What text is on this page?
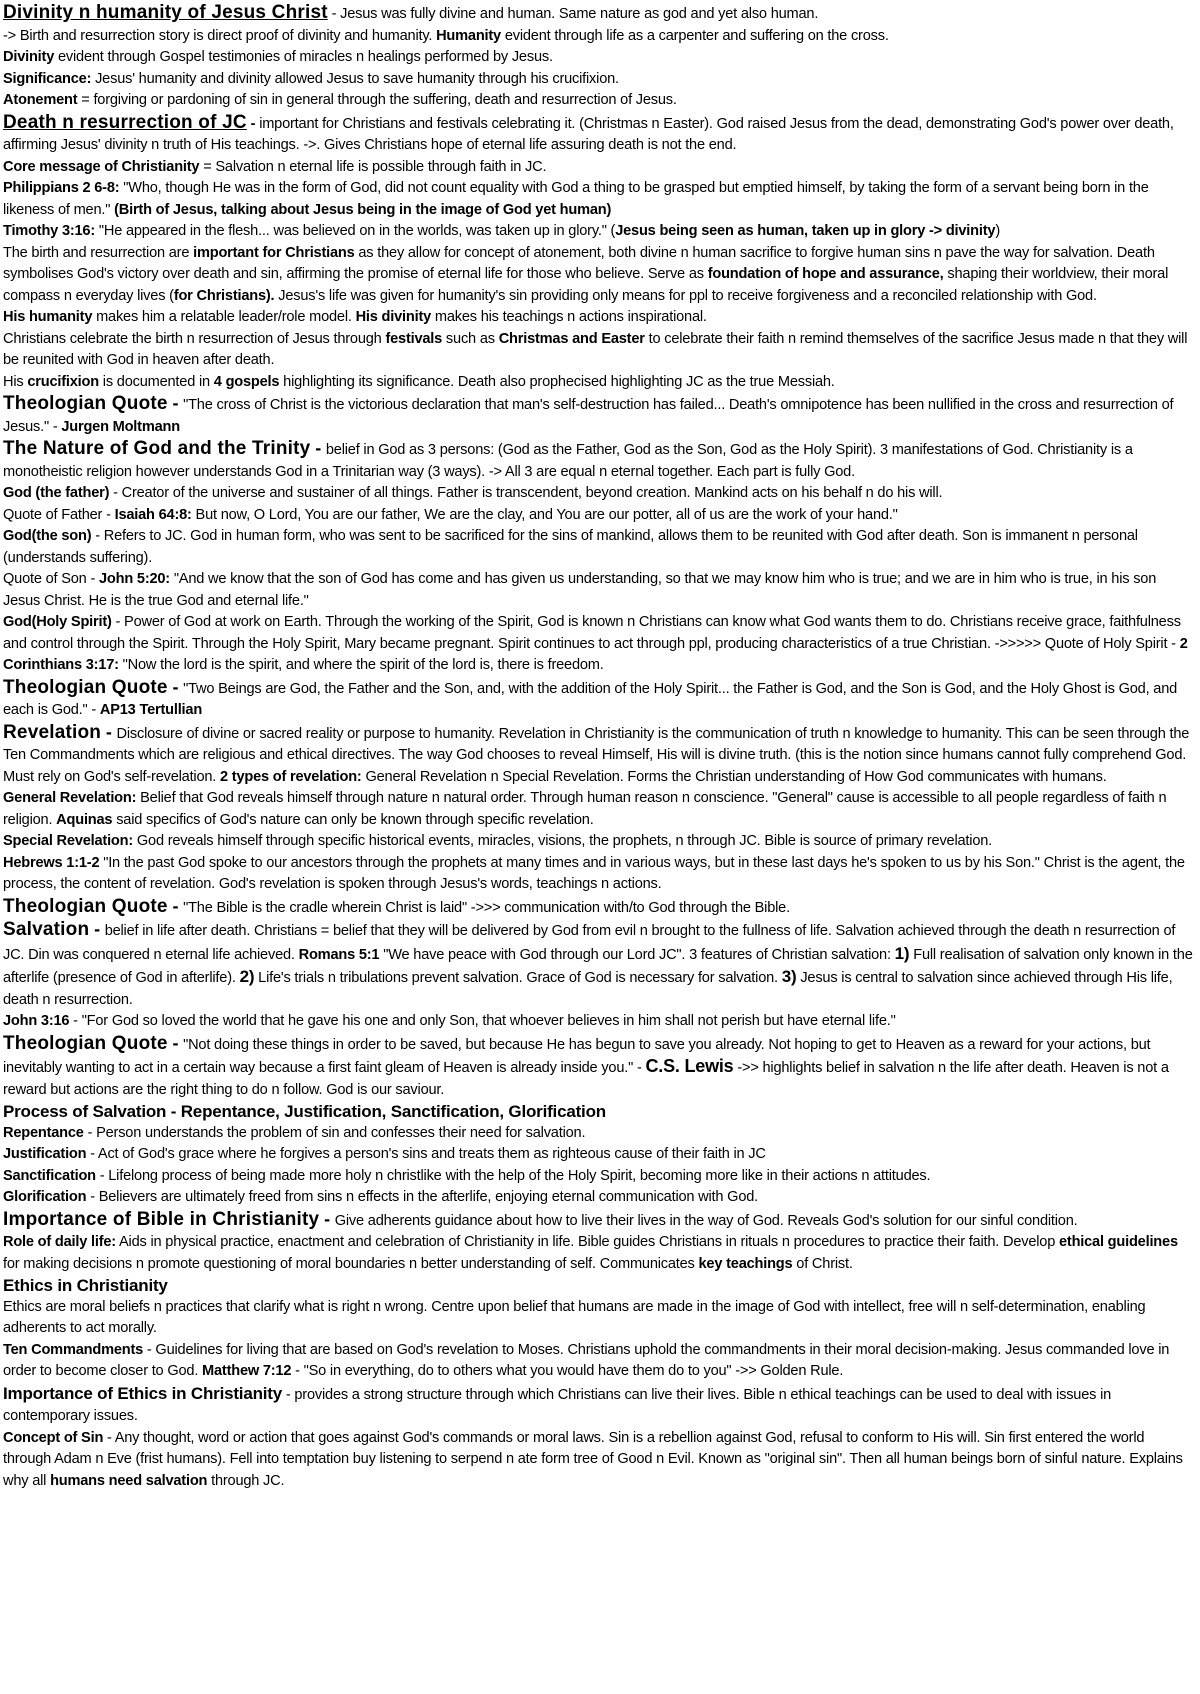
Divinity n humanity of Jesus Christ - Jesus was fully divine and human. Same nature as god and yet also human.

-> Birth and resurrection story is direct proof of divinity and humanity. Humanity evident through life as a carpenter and suffering on the cross.

Divinity evident through Gospel testimonies of miracles n healings performed by Jesus.

Significance: Jesus' humanity and divinity allowed Jesus to save humanity through his crucifixion.

Atonement = forgiving or pardoning of sin in general through the suffering, death and resurrection of Jesus.

Death n resurrection of JC - important for Christians and festivals celebrating it. (Christmas n Easter). God raised Jesus from the dead, demonstrating God's power over death, affirming Jesus' divinity n truth of His teachings. ->. Gives Christians hope of eternal life assuring death is not the end.

Core message of Christianity = Salvation n eternal life is possible through faith in JC.

Philippians 2 6-8: "Who, though He was in the form of God, did not count equality with God a thing to be grasped but emptied himself, by taking the form of a servant being born in the likeness of men." (Birth of Jesus, talking about Jesus being in the image of God yet human)

Timothy 3:16: "He appeared in the flesh... was believed on in the worlds, was taken up in glory." (Jesus being seen as human, taken up in glory -> divinity)

The birth and resurrection are important for Christians as they allow for concept of atonement, both divine n human sacrifice to forgive human sins n pave the way for salvation. Death symbolises God's victory over death and sin, affirming the promise of eternal life for those who believe. Serve as foundation of hope and assurance, shaping their worldview, their moral compass n everyday lives (for Christians). Jesus's life was given for humanity's sin providing only means for ppl to receive forgiveness and a reconciled relationship with God.

His humanity makes him a relatable leader/role model. His divinity makes his teachings n actions inspirational.

Christians celebrate the birth n resurrection of Jesus through festivals such as Christmas and Easter to celebrate their faith n remind themselves of the sacrifice Jesus made n that they will be reunited with God in heaven after death.

His crucifixion is documented in 4 gospels highlighting its significance. Death also prophecised highlighting JC as the true Messiah.

Theologian Quote - "The cross of Christ is the victorious declaration that man's self-destruction has failed... Death's omnipotence has been nullified in the cross and resurrection of Jesus." - Jurgen Moltmann

The Nature of God and the Trinity - belief in God as 3 persons: (God as the Father, God as the Son, God as the Holy Spirit). 3 manifestations of God. Christianity is a monotheistic religion however understands God in a Trinitarian way (3 ways). -> All 3 are equal n eternal together. Each part is fully God.

God (the father) - Creator of the universe and sustainer of all things. Father is transcendent, beyond creation. Mankind acts on his behalf n do his will.

Quote of Father - Isaiah 64:8: But now, O Lord, You are our father, We are the clay, and You are our potter, all of us are the work of your hand."

God(the son) - Refers to JC. God in human form, who was sent to be sacrificed for the sins of mankind, allows them to be reunited with God after death. Son is immanent n personal (understands suffering).

Quote of Son - John 5:20: "And we know that the son of God has come and has given us understanding, so that we may know him who is true; and we are in him who is true, in his son Jesus Christ. He is the true God and eternal life."

God(Holy Spirit) - Power of God at work on Earth. Through the working of the Spirit, God is known n Christians can know what God wants them to do. Christians receive grace, faithfulness and control through the Spirit. Through the Holy Spirit, Mary became pregnant. Spirit continues to act through ppl, producing characteristics of a true Christian. ->>>>> Quote of Holy Spirit - 2 Corinthians 3:17: "Now the lord is the spirit, and where the spirit of the lord is, there is freedom.

Theologian Quote - "Two Beings are God, the Father and the Son, and, with the addition of the Holy Spirit... the Father is God, and the Son is God, and the Holy Ghost is God, and each is God." - AP13 Tertullian

Revelation - Disclosure of divine or sacred reality or purpose to humanity. Revelation in Christianity is the communication of truth n knowledge to humanity. This can be seen through the Ten Commandments which are religious and ethical directives. The way God chooses to reveal Himself, His will is divine truth. (this is the notion since humans cannot fully comprehend God. Must rely on God's self-revelation. 2 types of revelation: General Revelation n Special Revelation. Forms the Christian understanding of How God communicates with humans.

General Revelation: Belief that God reveals himself through nature n natural order. Through human reason n conscience. "General" cause is accessible to all people regardless of faith n religion. Aquinas said specifics of God's nature can only be known through specific revelation.

Special Revelation: God reveals himself through specific historical events, miracles, visions, the prophets, n through JC. Bible is source of primary revelation.

Hebrews 1:1-2 "In the past God spoke to our ancestors through the prophets at many times and in various ways, but in these last days he's spoken to us by his Son." Christ is the agent, the process, the content of revelation. God's revelation is spoken through Jesus's words, teachings n actions.

Theologian Quote - "The Bible is the cradle wherein Christ is laid" ->>> communication with/to God through the Bible.

Salvation - belief in life after death. Christians = belief that they will be delivered by God from evil n brought to the fullness of life. Salvation achieved through the death n resurrection of JC. Din was conquered n eternal life achieved. Romans 5:1 "We have peace with God through our Lord JC". 3 features of Christian salvation: 1) Full realisation of salvation only known in the afterlife (presence of God in afterlife). 2) Life's trials n tribulations prevent salvation. Grace of God is necessary for salvation. 3) Jesus is central to salvation since achieved through His life, death n resurrection.

John 3:16 - "For God so loved the world that he gave his one and only Son, that whoever believes in him shall not perish but have eternal life."

Theologian Quote - "Not doing these things in order to be saved, but because He has begun to save you already. Not hoping to get to Heaven as a reward for your actions, but inevitably wanting to act in a certain way because a first faint gleam of Heaven is already inside you." - C.S. Lewis ->> highlights belief in salvation n the life after death. Heaven is not a reward but actions are the right thing to do n follow. God is our saviour.

Process of Salvation - Repentance, Justification, Sanctification, Glorification

Repentance - Person understands the problem of sin and confesses their need for salvation.

Justification - Act of God's grace where he forgives a person's sins and treats them as righteous cause of their faith in JC

Sanctification - Lifelong process of being made more holy n christlike with the help of the Holy Spirit, becoming more like in their actions n attitudes.

Glorification - Believers are ultimately freed from sins n effects in the afterlife, enjoying eternal communication with God.

Importance of Bible in Christianity - Give adherents guidance about how to live their lives in the way of God. Reveals God's solution for our sinful condition.

Role of daily life: Aids in physical practice, enactment and celebration of Christianity in life. Bible guides Christians in rituals n procedures to practice their faith. Develop ethical guidelines for making decisions n promote questioning of moral boundaries n better understanding of self. Communicates key teachings of Christ.

Ethics in Christianity

Ethics are moral beliefs n practices that clarify what is right n wrong. Centre upon belief that humans are made in the image of God with intellect, free will n self-determination, enabling adherents to act morally.

Ten Commandments - Guidelines for living that are based on God's revelation to Moses. Christians uphold the commandments in their moral decision-making. Jesus commanded love in order to become closer to God. Matthew 7:12 - "So in everything, do to others what you would have them do to you" ->> Golden Rule.

Importance of Ethics in Christianity - provides a strong structure through which Christians can live their lives. Bible n ethical teachings can be used to deal with issues in contemporary issues.

Concept of Sin - Any thought, word or action that goes against God's commands or moral laws. Sin is a rebellion against God, refusal to conform to His will. Sin first entered the world through Adam n Eve (frist humans). Fell into temptation buy listening to serpend n ate form tree of Good n Evil. Known as "original sin". Then all human beings born of sinful nature. Explains why all humans need salvation through JC.
